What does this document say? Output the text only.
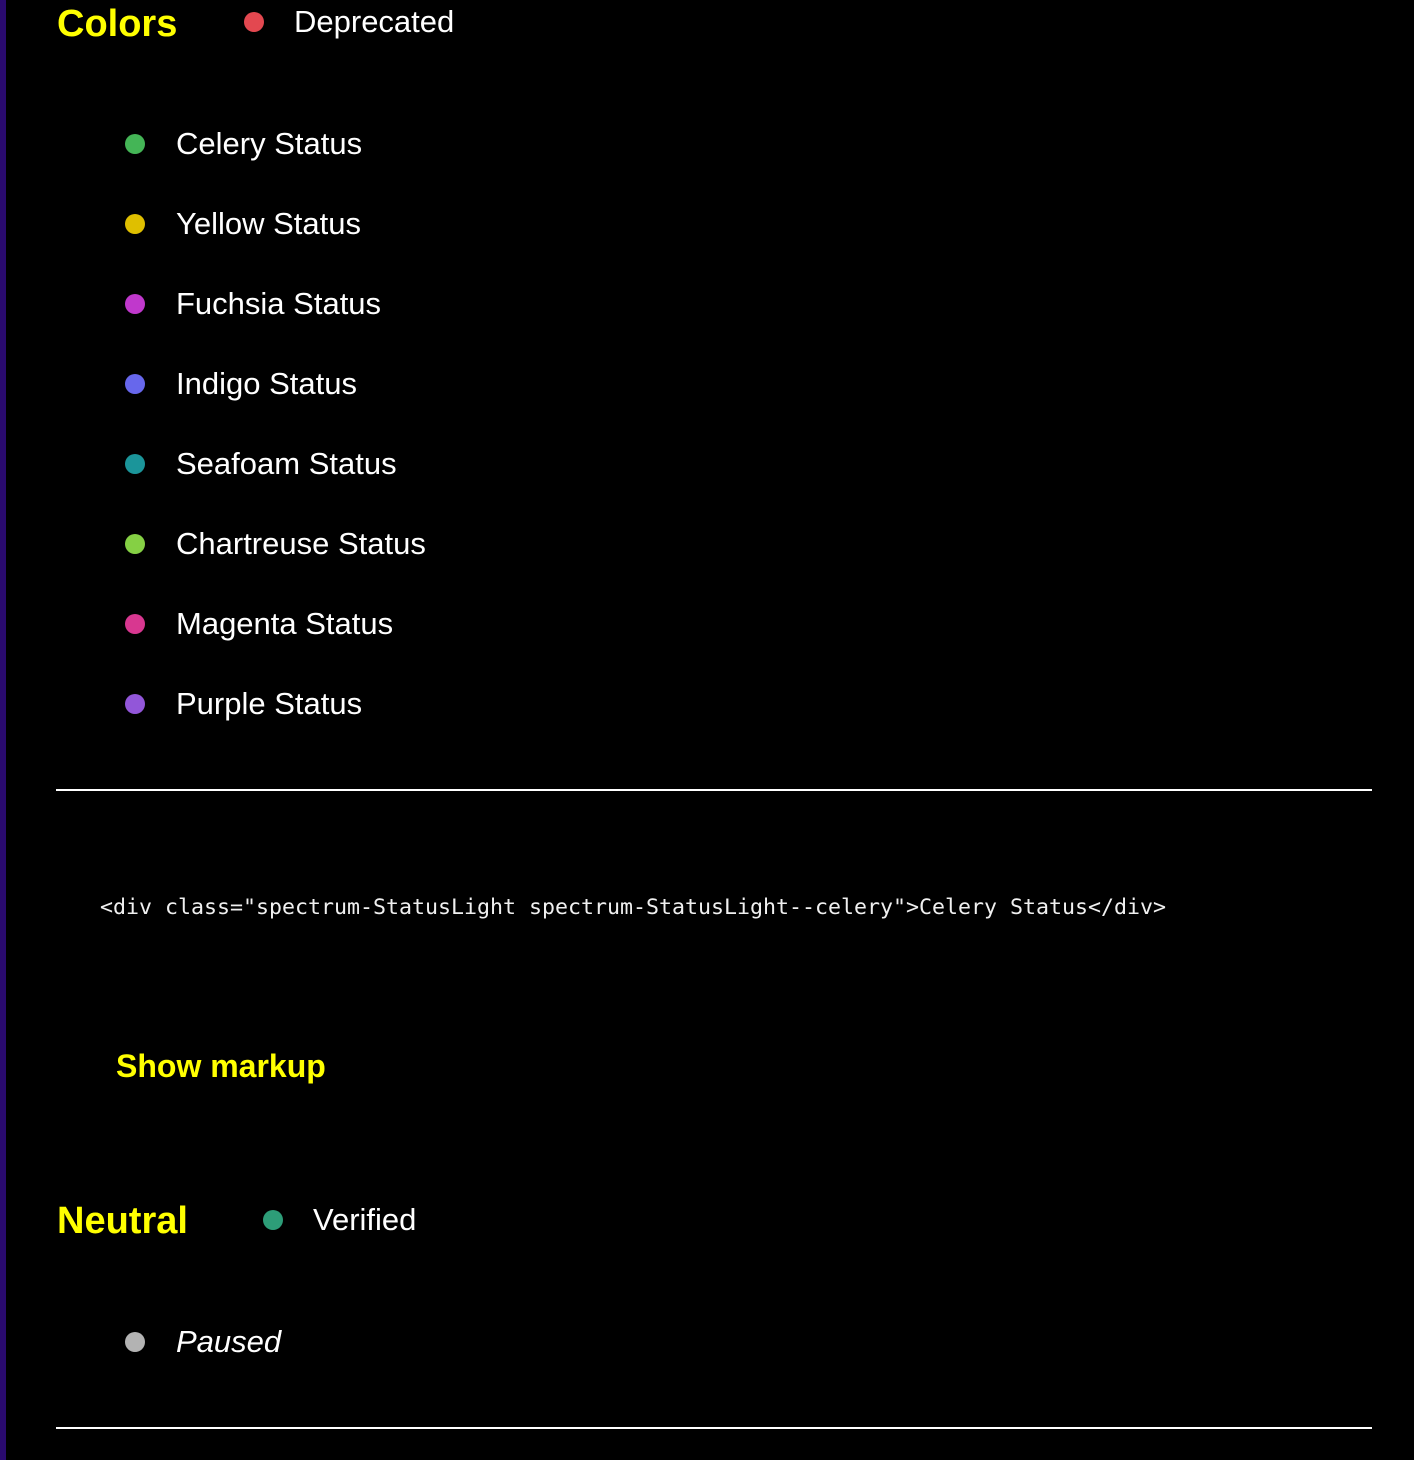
Colors	Deprecated
Celery Status
Yellow Status
Fuchsia Status
Indigo Status
Seafoam Status
Chartreuse Status
Magenta Status
Purple Status

<div class="spectrum-StatusLight spectrum-StatusLight--celery">Celery Status</div>

Show markup
Neutral	Verified
Paused
